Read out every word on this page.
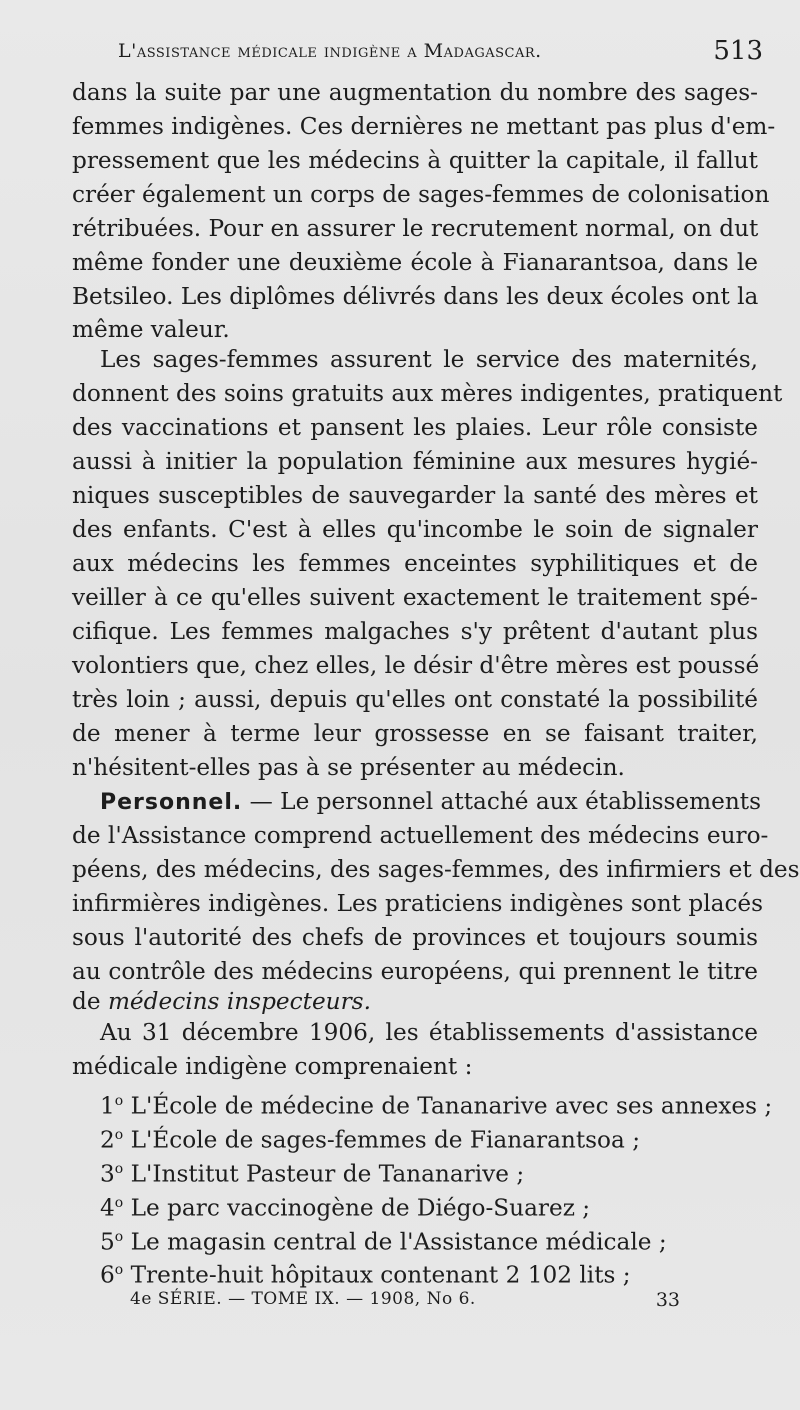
L'assistance médicale indigène a Madagascar.	513
dans la suite par une augmentation du nombre des sages-
femmes indigènes. Ces dernières ne mettant pas plus d'em-
pressement que les médecins à quitter la capitale, il fallut
créer également un corps de sages-femmes de colonisation
rétribuées. Pour en assurer le recrutement normal, on dut
même fonder une deuxième école à Fianarantsoa, dans le
Betsileo. Les diplômes délivrés dans les deux écoles ont la
même valeur.
Les sages-femmes assurent le service des maternités,
donnent des soins gratuits aux mères indigentes, pratiquent
des vaccinations et pansent les plaies. Leur rôle consiste
aussi à initier la population féminine aux mesures hygié-
niques susceptibles de sauvegarder la santé des mères et
des enfants. C'est à elles qu'incombe le soin de signaler
aux médecins les femmes enceintes syphilitiques et de
veiller à ce qu'elles suivent exactement le traitement spé-
cifique. Les femmes malgaches s'y prêtent d'autant plus
volontiers que, chez elles, le désir d'être mères est poussé
très loin ; aussi, depuis qu'elles ont constaté la possibilité
de mener à terme leur grossesse en se faisant traiter,
n'hésitent-elles pas à se présenter au médecin.
Personnel. — Le personnel attaché aux établissements
de l'Assistance comprend actuellement des médecins euro-
péens, des médecins, des sages-femmes, des infirmiers et des
infirmières indigènes. Les praticiens indigènes sont placés
sous l'autorité des chefs de provinces et toujours soumis
au contrôle des médecins européens, qui prennent le titre
de médecins inspecteurs.
Au 31 décembre 1906, les établissements d'assistance
médicale indigène comprenaient :
1$^o$ L'École de médecine de Tananarive avec ses annexes ;
2$^o$ L'École de sages-femmes de Fianarantsoa ;
3$^o$ L'Institut Pasteur de Tananarive ;
4$^o$ Le parc vaccinogène de Diégo-Suarez ;
5$^o$ Le magasin central de l'Assistance médicale ;
6$^o$ Trente-huit hôpitaux contenant 2 102 lits ;
4e SÉRIE. — TOME IX. — 1908, No 6.	33
